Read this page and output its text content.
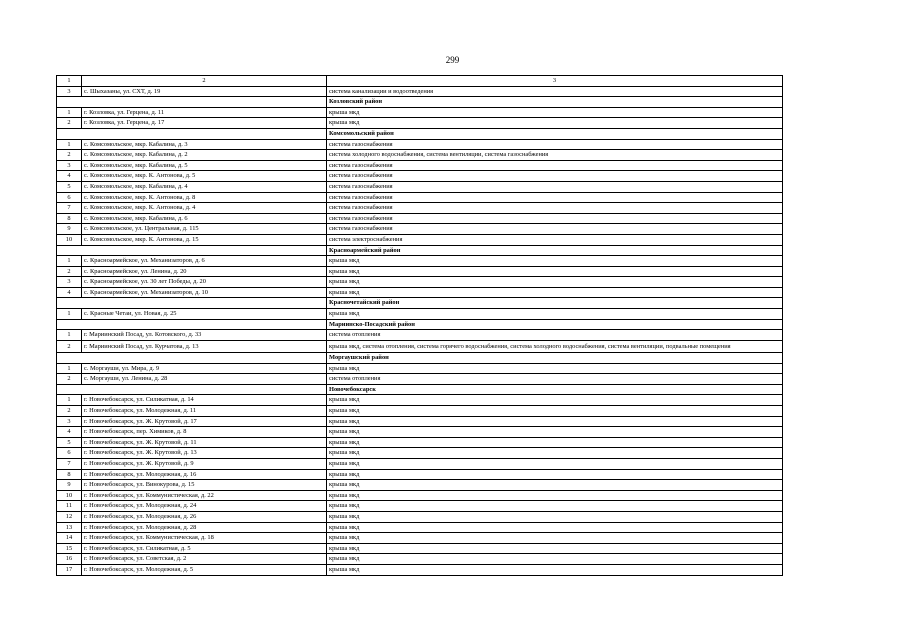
299
1	2	3
3	с. Шыхазаны, ул. СХТ, д. 19	система канализации и водоотведения
		Козловский район
1	г. Козловка, ул. Герцена, д. 11	крыша мкд
2	г. Козловка, ул. Герцена, д. 17	крыша мкд
		Комсомольский район
1	с. Комсомольское, мкр. Кабалина, д. 3	система газоснабжения
2	с. Комсомольское, мкр. Кабалина, д. 2	система холодного водоснабжения, система вентиляции, система газоснабжения
3	с. Комсомольское, мкр. Кабалина, д. 5	система газоснабжения
4	с. Комсомольское, мкр. К. Антонова, д. 5	система газоснабжения
5	с. Комсомольское, мкр. Кабалина, д. 4	система газоснабжения
6	с. Комсомольское, мкр. К. Антонова, д. 8	система газоснабжения
7	с. Комсомольское, мкр. К. Антонова, д. 4	система газоснабжения
8	с. Комсомольское, мкр. Кабалина, д. 6	система газоснабжения
9	с. Комсомольское, ул. Центральная, д. 115	система газоснабжения
10	с. Комсомольское, мкр. К. Антонова, д. 15	система электроснабжения
		Красноармейский район
1	с. Красноармейское, ул. Механизаторов, д. 6	крыша мкд
2	с. Красноармейское, ул. Ленина, д. 20	крыша мкд
3	с. Красноармейское, ул. 30 лет Победы, д. 20	крыша мкд
4	с. Красноармейское, ул. Механизаторов, д. 10	крыша мкд
		Красночетайский район
1	с. Красные Четаи, ул. Новая, д. 25	крыша мкд
		Мариинско-Посадский район
1	г. Мариинский Посад, ул. Котовского, д. 33	система отопления
2	г. Мариинский Посад, ул. Курчатова, д. 13	крыша мкд, система отопления, система горячего водоснабжения, система холодного водоснабжения, система вентиляции, подвальные помещения
		Моргаушский район
1	с. Моргауши, ул. Мира, д. 9	крыша мкд
2	с. Моргауши, ул. Ленина, д. 28	система отопления
		Новочебоксарск
1	г. Новочебоксарск, ул. Силикатная, д. 14	крыша мкд
2	г. Новочебоксарск, ул. Молодежная, д. 11	крыша мкд
3	г. Новочебоксарск, ул. Ж. Крутовой, д. 17	крыша мкд
4	г. Новочебоксарск, пер. Химиков, д. 8	крыша мкд
5	г. Новочебоксарск, ул. Ж. Крутовой, д. 11	крыша мкд
6	г. Новочебоксарск, ул. Ж. Крутовой, д. 13	крыша мкд
7	г. Новочебоксарск, ул. Ж. Крутовой, д. 9	крыша мкд
8	г. Новочебоксарск, ул. Молодежная, д. 16	крыша мкд
9	г. Новочебоксарск, ул. Винокурова, д. 15	крыша мкд
10	г. Новочебоксарск, ул. Коммунистическая, д. 22	крыша мкд
11	г. Новочебоксарск, ул. Молодежная, д. 24	крыша мкд
12	г. Новочебоксарск, ул. Молодежная, д. 26	крыша мкд
13	г. Новочебоксарск, ул. Молодежная, д. 28	крыша мкд
14	г. Новочебоксарск, ул. Коммунистическая, д. 18	крыша мкд
15	г. Новочебоксарск, ул. Силикатная, д. 5	крыша мкд
16	г. Новочебоксарск, ул. Советская, д. 2	крыша мкд
17	г. Новочебоксарск, ул. Молодежная, д. 5	крыша мкд
